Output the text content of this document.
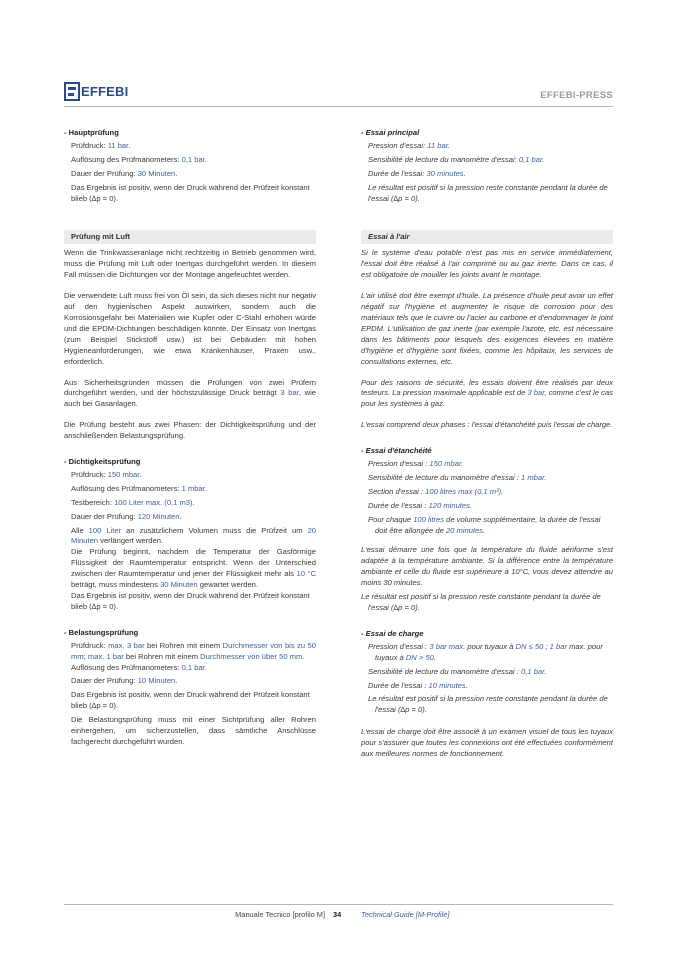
EFFEBI	EFFEBI-PRESS
- Hauptprüfung
Prüfdruck: 11 bar.
Auflösung des Prüfmanometers: 0,1 bar.
Dauer der Prüfung: 30 Minuten.
Das Ergebnis ist positiv, wenn der Druck während der Prüfzeit konstant blieb (∆p = 0).
Prüfung mit Luft

Wenn die Trinkwasseranlage nicht rechtzeitig in Betrieb genommen wird, muss die Prüfung mit Luft oder Inertgas durchgeführt werden. In diesem Fall müssen die Dichtungen vor der Montage angefeuchtet werden.

Die verwendete Luft muss frei von Öl sein, da sich dieses nicht nur negativ auf den hygienischen Aspekt auswirken, sondern auch die Korrosionsgefahr bei Materialien wie Kupfer oder C-Stahl erhöhen würde und die EPDM-Dichtungen beschädigen könnte. Der Einsatz von Inertgas (zum Beispiel Stickstoff usw.) ist bei Gebäuden mit hohen Hygieneanforderungen, wie etwa Krankenhäuser, Praxen usw., erforderlich.

Aus Sicherheitsgründen müssen die Prüfungen von zwei Prüfern durchgeführt werden, und der höchstzulässige Druck beträgt 3 bar, wie auch bei Gasanlagen.

Die Prüfung besteht aus zwei Phasen: der Dichtigkeitsprüfung und der anschließenden Belastungsprüfung.

- Dichtigkeitsprüfung
Prüfdruck: 150 mbar.
Auflösung des Prüfmanometers: 1 mbar.
Testbereich: 100 Liter max. (0,1 m3).
Dauer der Prüfung: 120 Minuten.
Alle 100 Liter an zusätzlichem Volumen muss die Prüfzeit um 20 Minuten verlängert werden.
Die Prüfung beginnt, nachdem die Temperatur der Gasförmige Flüssigkeit der Raumtemperatur entspricht. Wenn der Unterschied zwischen der Raumtemperatur und jener der Flüssigkeit mehr als 10 °C beträgt, muss mindestens 30 Minuten gewartet werden.
Das Ergebnis ist positiv, wenn der Druck während der Prüfzeit konstant blieb (∆p = 0).
- Belastungsprüfung
Prüfdruck: max. 3 bar bei Rohren mit einem Durchmesser von bis zu 50 mm; max. 1 bar bei Rohren mit einem Durchmesser von über 50 mm.
Auflösung des Prüfmanometers: 0,1 bar.
Dauer der Prüfung: 10 Minuten.
Das Ergebnis ist positiv, wenn der Druck während der Prüfzeit konstant blieb (∆p = 0).
Die Belastungsprüfung muss mit einer Sichtprüfung aller Rohren einhergehen, um sicherzustellen, dass sämtliche Anschlüsse fachgerecht durchgeführt wurden.
- Essai principal
Pression d'essai: 11 bar.
Sensibilité de lecture du manomètre d'essai: 0,1 bar.
Durée de l'essai: 30 minutes.
Le résultat est positif si la pression reste constante pendant la durée de l'essai (∆p = 0).
Essai à l'air

Si le système d'eau potable n'est pas mis en service immédiatement, l'essai doit être réalisé à l'air comprimé ou au gaz inerte. Dans ce cas, il est obligatoire de mouiller les joints avant le montage.

L'air utilisé doit être exempt d'huile. La présence d'huile peut avoir un effet négatif sur l'hygiène et augmenter le risque de corrosion pour des matériaux tels que le cuivre ou l'acier au carbone et d'endommager le joint EPDM. L'utilisation de gaz inerte (par exemple l'azote, etc. est nécessaire dans les bâtiments pour lesquels des exigences élevées en matière d'hygiène et d'hygiène sont fixées, comme les hôpitaux, les services de consultations externes, etc.

Pour des raisons de sécurité, les essais doivent être réalisés par deux testeurs. La pression maximale applicable est de 3 bar, comme c'est le cas pour les systèmes à gaz.

L'essai comprend deux phases : l'essai d'étanchéité puis l'essai de charge.

- Essai d'étanchéité
Pression d'essai : 150 mbar.
Sensibilité de lecture du manomètre d'essai : 1 mbar.
Section d'essai : 100 litres max (0,1 m³).
Durée de l'essai : 120 minutes.
Pour chaque 100 litres de volume supplémentaire, la durée de l'essai doit être allongée de 20 minutes.

L'essai démarre une fois que la température du fluide aériforme s'est adaptée à la température ambiante. Si la différence entre la température ambiante et celle du fluide est supérieure à 10°C, vous devez attendre au moins 30 minutes.

Le résultat est positif si la pression reste constante pendant la durée de l'essai (∆p = 0).
- Essai de charge
Pression d'essai : 3 bar max. pour tuyaux à DN ≤ 50 ; 1 bar max. pour tuyaux à DN > 50.
Sensibilité de lecture du manomètre d'essai : 0,1 bar.
Durée de l'essai : 10 minutes.
Le résultat est positif si la pression reste constante pendant la durée de l'essai (∆p = 0).

L'essai de charge doit être associé à un examen visuel de tous les tuyaux pour s'assurer que toutes les connexions ont été effectuées conformément aux meilleures normes de fonctionnement.

Manuale Tecnico [profilo M] 34	Technical Guide [M-Profile]
